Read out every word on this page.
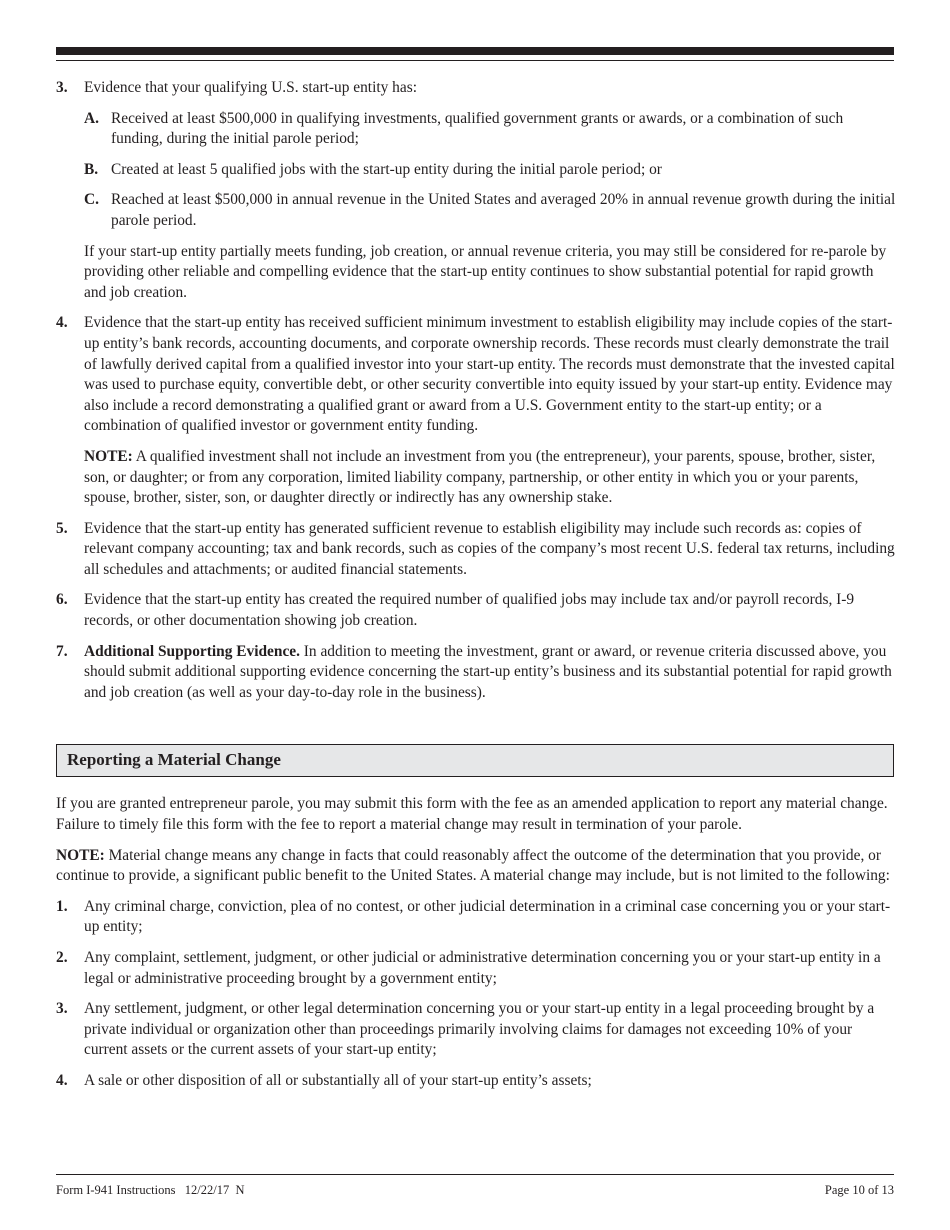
3. Evidence that your qualifying U.S. start-up entity has:
A. Received at least $500,000 in qualifying investments, qualified government grants or awards, or a combination of such funding, during the initial parole period;
B. Created at least 5 qualified jobs with the start-up entity during the initial parole period; or
C. Reached at least $500,000 in annual revenue in the United States and averaged 20% in annual revenue growth during the initial parole period.
If your start-up entity partially meets funding, job creation, or annual revenue criteria, you may still be considered for re-parole by providing other reliable and compelling evidence that the start-up entity continues to show substantial potential for rapid growth and job creation.
4. Evidence that the start-up entity has received sufficient minimum investment to establish eligibility may include copies of the start-up entity’s bank records, accounting documents, and corporate ownership records. These records must clearly demonstrate the trail of lawfully derived capital from a qualified investor into your start-up entity. The records must demonstrate that the invested capital was used to purchase equity, convertible debt, or other security convertible into equity issued by your start-up entity. Evidence may also include a record demonstrating a qualified grant or award from a U.S. Government entity to the start-up entity; or a combination of qualified investor or government entity funding.
NOTE: A qualified investment shall not include an investment from you (the entrepreneur), your parents, spouse, brother, sister, son, or daughter; or from any corporation, limited liability company, partnership, or other entity in which you or your parents, spouse, brother, sister, son, or daughter directly or indirectly has any ownership stake.
5. Evidence that the start-up entity has generated sufficient revenue to establish eligibility may include such records as: copies of relevant company accounting; tax and bank records, such as copies of the company’s most recent U.S. federal tax returns, including all schedules and attachments; or audited financial statements.
6. Evidence that the start-up entity has created the required number of qualified jobs may include tax and/or payroll records, I-9 records, or other documentation showing job creation.
7. Additional Supporting Evidence. In addition to meeting the investment, grant or award, or revenue criteria discussed above, you should submit additional supporting evidence concerning the start-up entity’s business and its substantial potential for rapid growth and job creation (as well as your day-to-day role in the business).
Reporting a Material Change
If you are granted entrepreneur parole, you may submit this form with the fee as an amended application to report any material change. Failure to timely file this form with the fee to report a material change may result in termination of your parole.
NOTE: Material change means any change in facts that could reasonably affect the outcome of the determination that you provide, or continue to provide, a significant public benefit to the United States. A material change may include, but is not limited to the following:
1. Any criminal charge, conviction, plea of no contest, or other judicial determination in a criminal case concerning you or your start-up entity;
2. Any complaint, settlement, judgment, or other judicial or administrative determination concerning you or your start-up entity in a legal or administrative proceeding brought by a government entity;
3. Any settlement, judgment, or other legal determination concerning you or your start-up entity in a legal proceeding brought by a private individual or organization other than proceedings primarily involving claims for damages not exceeding 10% of your current assets or the current assets of your start-up entity;
4. A sale or other disposition of all or substantially all of your start-up entity’s assets;
Form I-941 Instructions   12/22/17  N	Page 10 of 13
